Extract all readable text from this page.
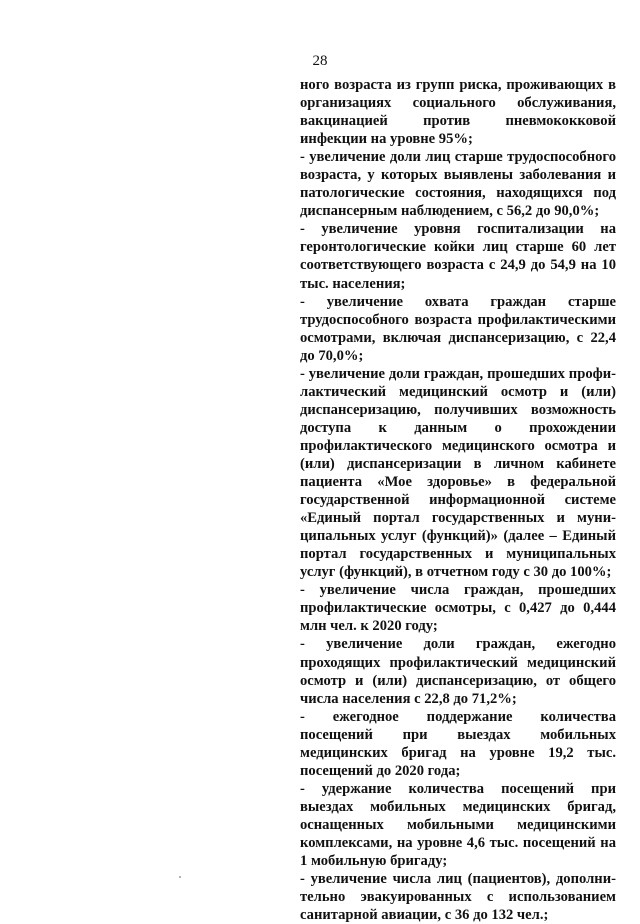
28

ного возраста из групп риска, проживающих в организациях социального обслуживания, вакцинацией против пневмококковой инфекции на уровне 95%;

- увеличение доли лиц старше трудоспособного возраста, у которых выявлены заболевания и патологические состояния, находящихся под диспансерным наблюдением, с 56,2 до 90,0%;

- увеличение уровня госпитализации на геронтологические койки лиц старше 60 лет соответствующего возраста с 24,9 до 54,9 на 10 тыс. населения;

- увеличение охвата граждан старше трудоспособного возраста профилактическими осмотрами, включая диспансеризацию, с 22,4 до 70,0%;

- увеличение доли граждан, прошедших профилактический медицинский осмотр и (или) диспансеризацию, получивших возможность доступа к данным о прохождении профилактического медицинского осмотра и (или) диспансеризации в личном кабинете пациента «Мое здоровье» в федеральной государственной информационной системе «Единый портал государственных и муниципальных услуг (функций)» (далее – Единый портал государственных и муниципальных услуг (функций), в отчетном году с 30 до 100%;

- увеличение числа граждан, прошедших профилактические осмотры, с 0,427 до 0,444 млн чел. к 2020 году;

- увеличение доли граждан, ежегодно проходящих профилактический медицинский осмотр и (или) диспансеризацию, от общего числа населения с 22,8 до 71,2%;

- ежегодное поддержание количества посещений при выездах мобильных медицинских бригад на уровне 19,2 тыс. посещений до 2020 года;

- удержание количества посещений при выездах мобильных медицинских бригад, оснащенных мобильными медицинскими комплексами, на уровне 4,6 тыс. посещений на 1 мобильную бригаду;

- увеличение числа лиц (пациентов), дополнительно эвакуированных с использованием санитарной авиации, с 36 до 132 чел.;
